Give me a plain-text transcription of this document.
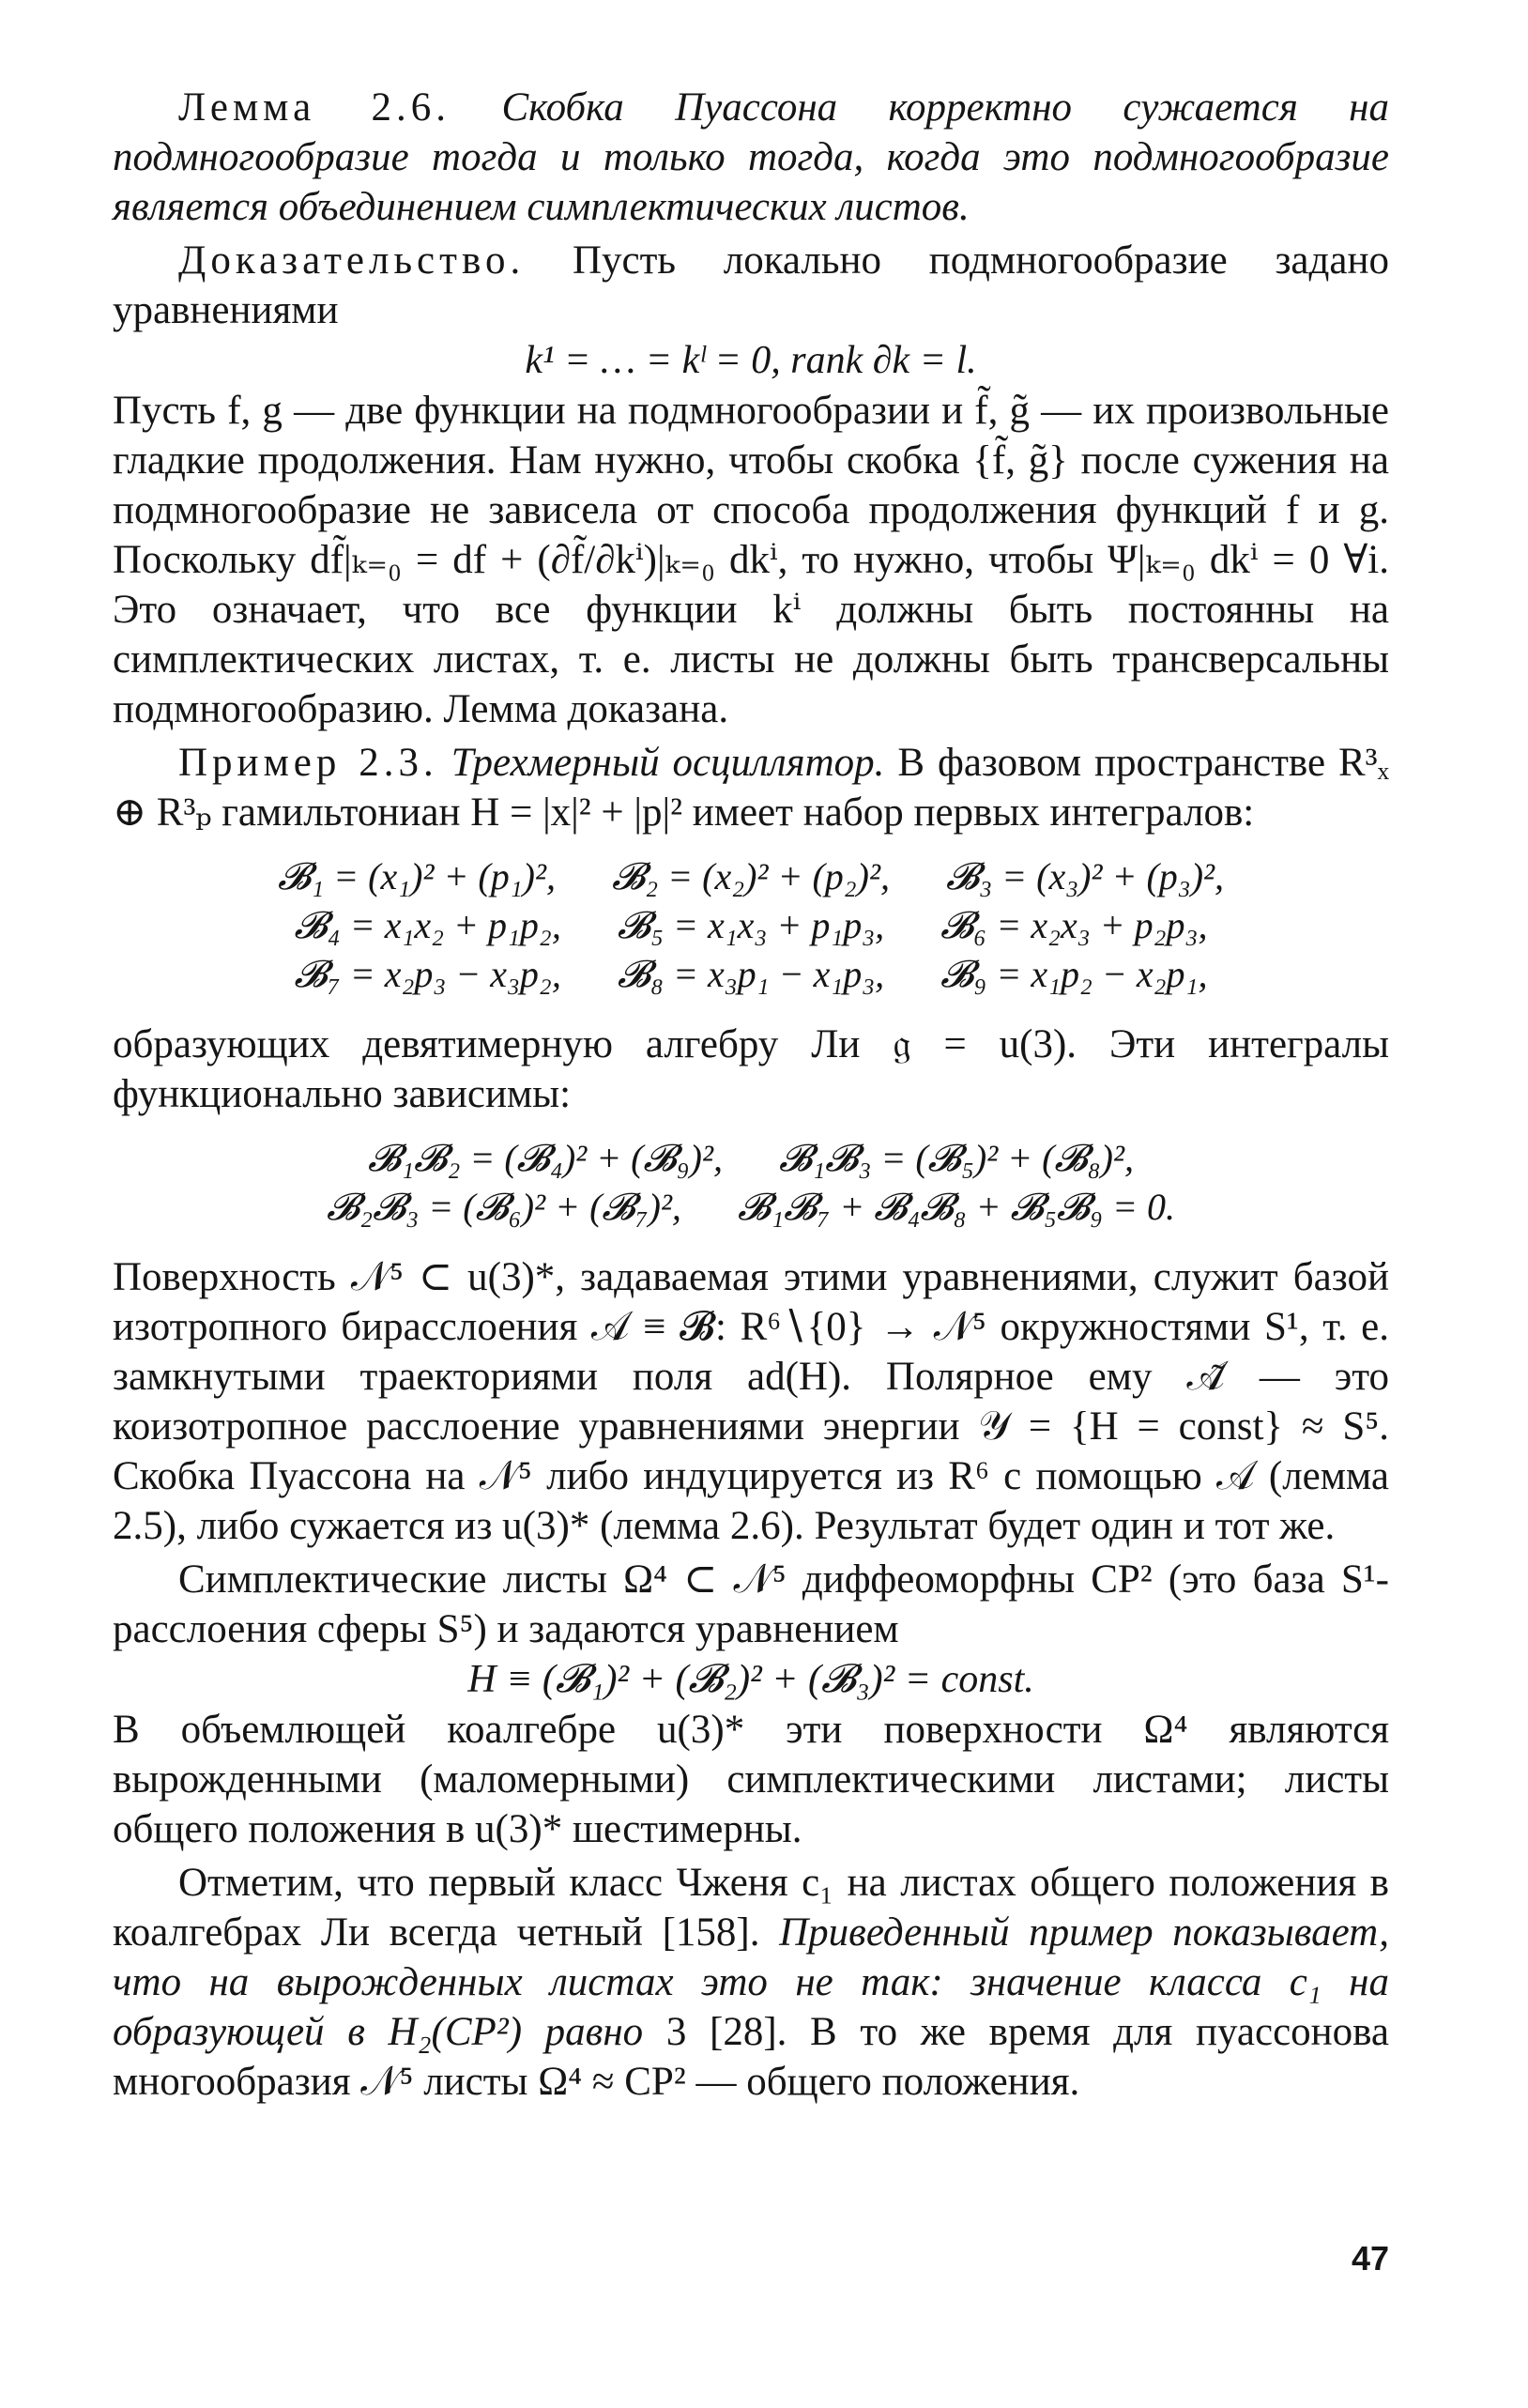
Лемма 2.6. Скобка Пуассона корректно сужается на подмногообразие тогда и только тогда, когда это подмногообразие является объединением симплектических листов.

Доказательство. Пусть локально подмногообразие задано уравнениями

k¹ = … = kˡ = 0, rank ∂k = l.

Пусть f, g — две функции на подмногообразии и f̃, g̃ — их произвольные гладкие продолжения. Нам нужно, чтобы скобка {f̃, g̃} после сужения на подмногообразие не зависела от способа продолжения функций f и g. Поскольку df̃|ₖ₌₀ = df + (∂f̃/∂kⁱ)|ₖ₌₀ dkⁱ, то нужно, чтобы Ψ|ₖ₌₀ dkⁱ = 0 ∀i. Это означает, что все функции kⁱ должны быть постоянны на симплектических листах, т. е. листы не должны быть трансверсальны подмногообразию. Лемма доказана.

Пример 2.3. Трехмерный осциллятор. В фазовом пространстве R³ₓ ⊕ R³ₚ гамильтониан H = |x|² + |p|² имеет набор первых интегралов:

𝓑₁ = (x₁)² + (p₁)², 𝓑₂ = (x₂)² + (p₂)², 𝓑₃ = (x₃)² + (p₃)²,
𝓑₄ = x₁x₂ + p₁p₂, 𝓑₅ = x₁x₃ + p₁p₃, 𝓑₆ = x₂x₃ + p₂p₃,
𝓑₇ = x₂p₃ − x₃p₂, 𝓑₈ = x₃p₁ − x₁p₃, 𝓑₉ = x₁p₂ − x₂p₁,

образующих девятимерную алгебру Ли 𝔤 = u(3). Эти интегралы функционально зависимы:

𝓑₁𝓑₂ = (𝓑₄)² + (𝓑₉)², 𝓑₁𝓑₃ = (𝓑₅)² + (𝓑₈)²,
𝓑₂𝓑₃ = (𝓑₆)² + (𝓑₇)², 𝓑₁𝓑₇ + 𝓑₄𝓑₈ + 𝓑₅𝓑₉ = 0.

Поверхность 𝒩⁵ ⊂ u(3)*, задаваемая этими уравнениями, служит базой изотропного бирасслоения 𝒜 ≡ 𝓑: R⁶∖{0} → 𝒩⁵ окружностями S¹, т. е. замкнутыми траекториями поля ad(H). Полярное ему 𝒜̃ — это коизотропное расслоение уравнениями энергии 𝒴 = {H = const} ≈ S⁵. Скобка Пуассона на 𝒩⁵ либо индуцируется из R⁶ с помощью 𝒜 (лемма 2.5), либо сужается из u(3)* (лемма 2.6). Результат будет один и тот же.

Симплектические листы Ω⁴ ⊂ 𝒩⁵ диффеоморфны CP² (это база S¹-расслоения сферы S⁵) и задаются уравнением

H ≡ (𝓑₁)² + (𝓑₂)² + (𝓑₃)² = const.

В объемлющей коалгебре u(3)* эти поверхности Ω⁴ являются вырожденными (маломерными) симплектическими листами; листы общего положения в u(3)* шестимерны.

Отметим, что первый класс Чженя c₁ на листах общего положения в коалгебрах Ли всегда четный [158]. Приведенный пример показывает, что на вырожденных листах это не так: значение класса c₁ на образующей в H₂(CP²) равно 3 [28]. В то же время для пуассонова многообразия 𝒩⁵ листы Ω⁴ ≈ CP² — общего положения.

47
